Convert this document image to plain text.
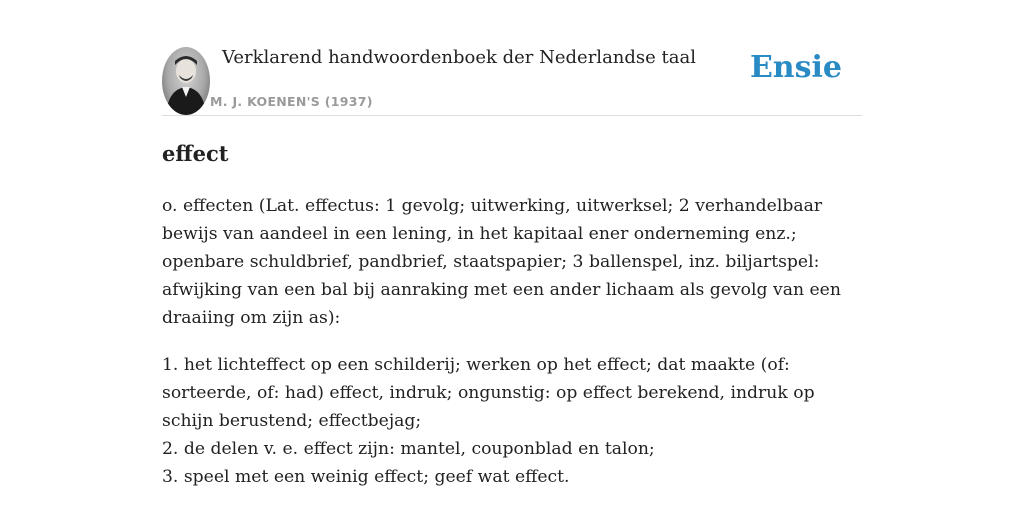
Verklarend handwoordenboek der Nederlandse taal
M. J. KOENEN'S (1937)
Ensie
effect

o. effecten (Lat. effectus: 1 gevolg; uitwerking, uitwerksel; 2 verhandelbaar bewijs van aandeel in een lening, in het kapitaal ener onderneming enz.; openbare schuldbrief, pandbrief, staatspapier; 3 ballenspel, inz. biljartspel: afwijking van een bal bij aanraking met een ander lichaam als gevolg van een draaiing om zijn as):

1. het lichteffect op een schilderij; werken op het effect; dat maakte (of: sorteerde, of: had) effect, indruk; ongunstig: op effect berekend, indruk op schijn berustend; effectbejag;
2. de delen v. e. effect zijn: mantel, couponblad en talon;
3. speel met een weinig effect; geef wat effect.
